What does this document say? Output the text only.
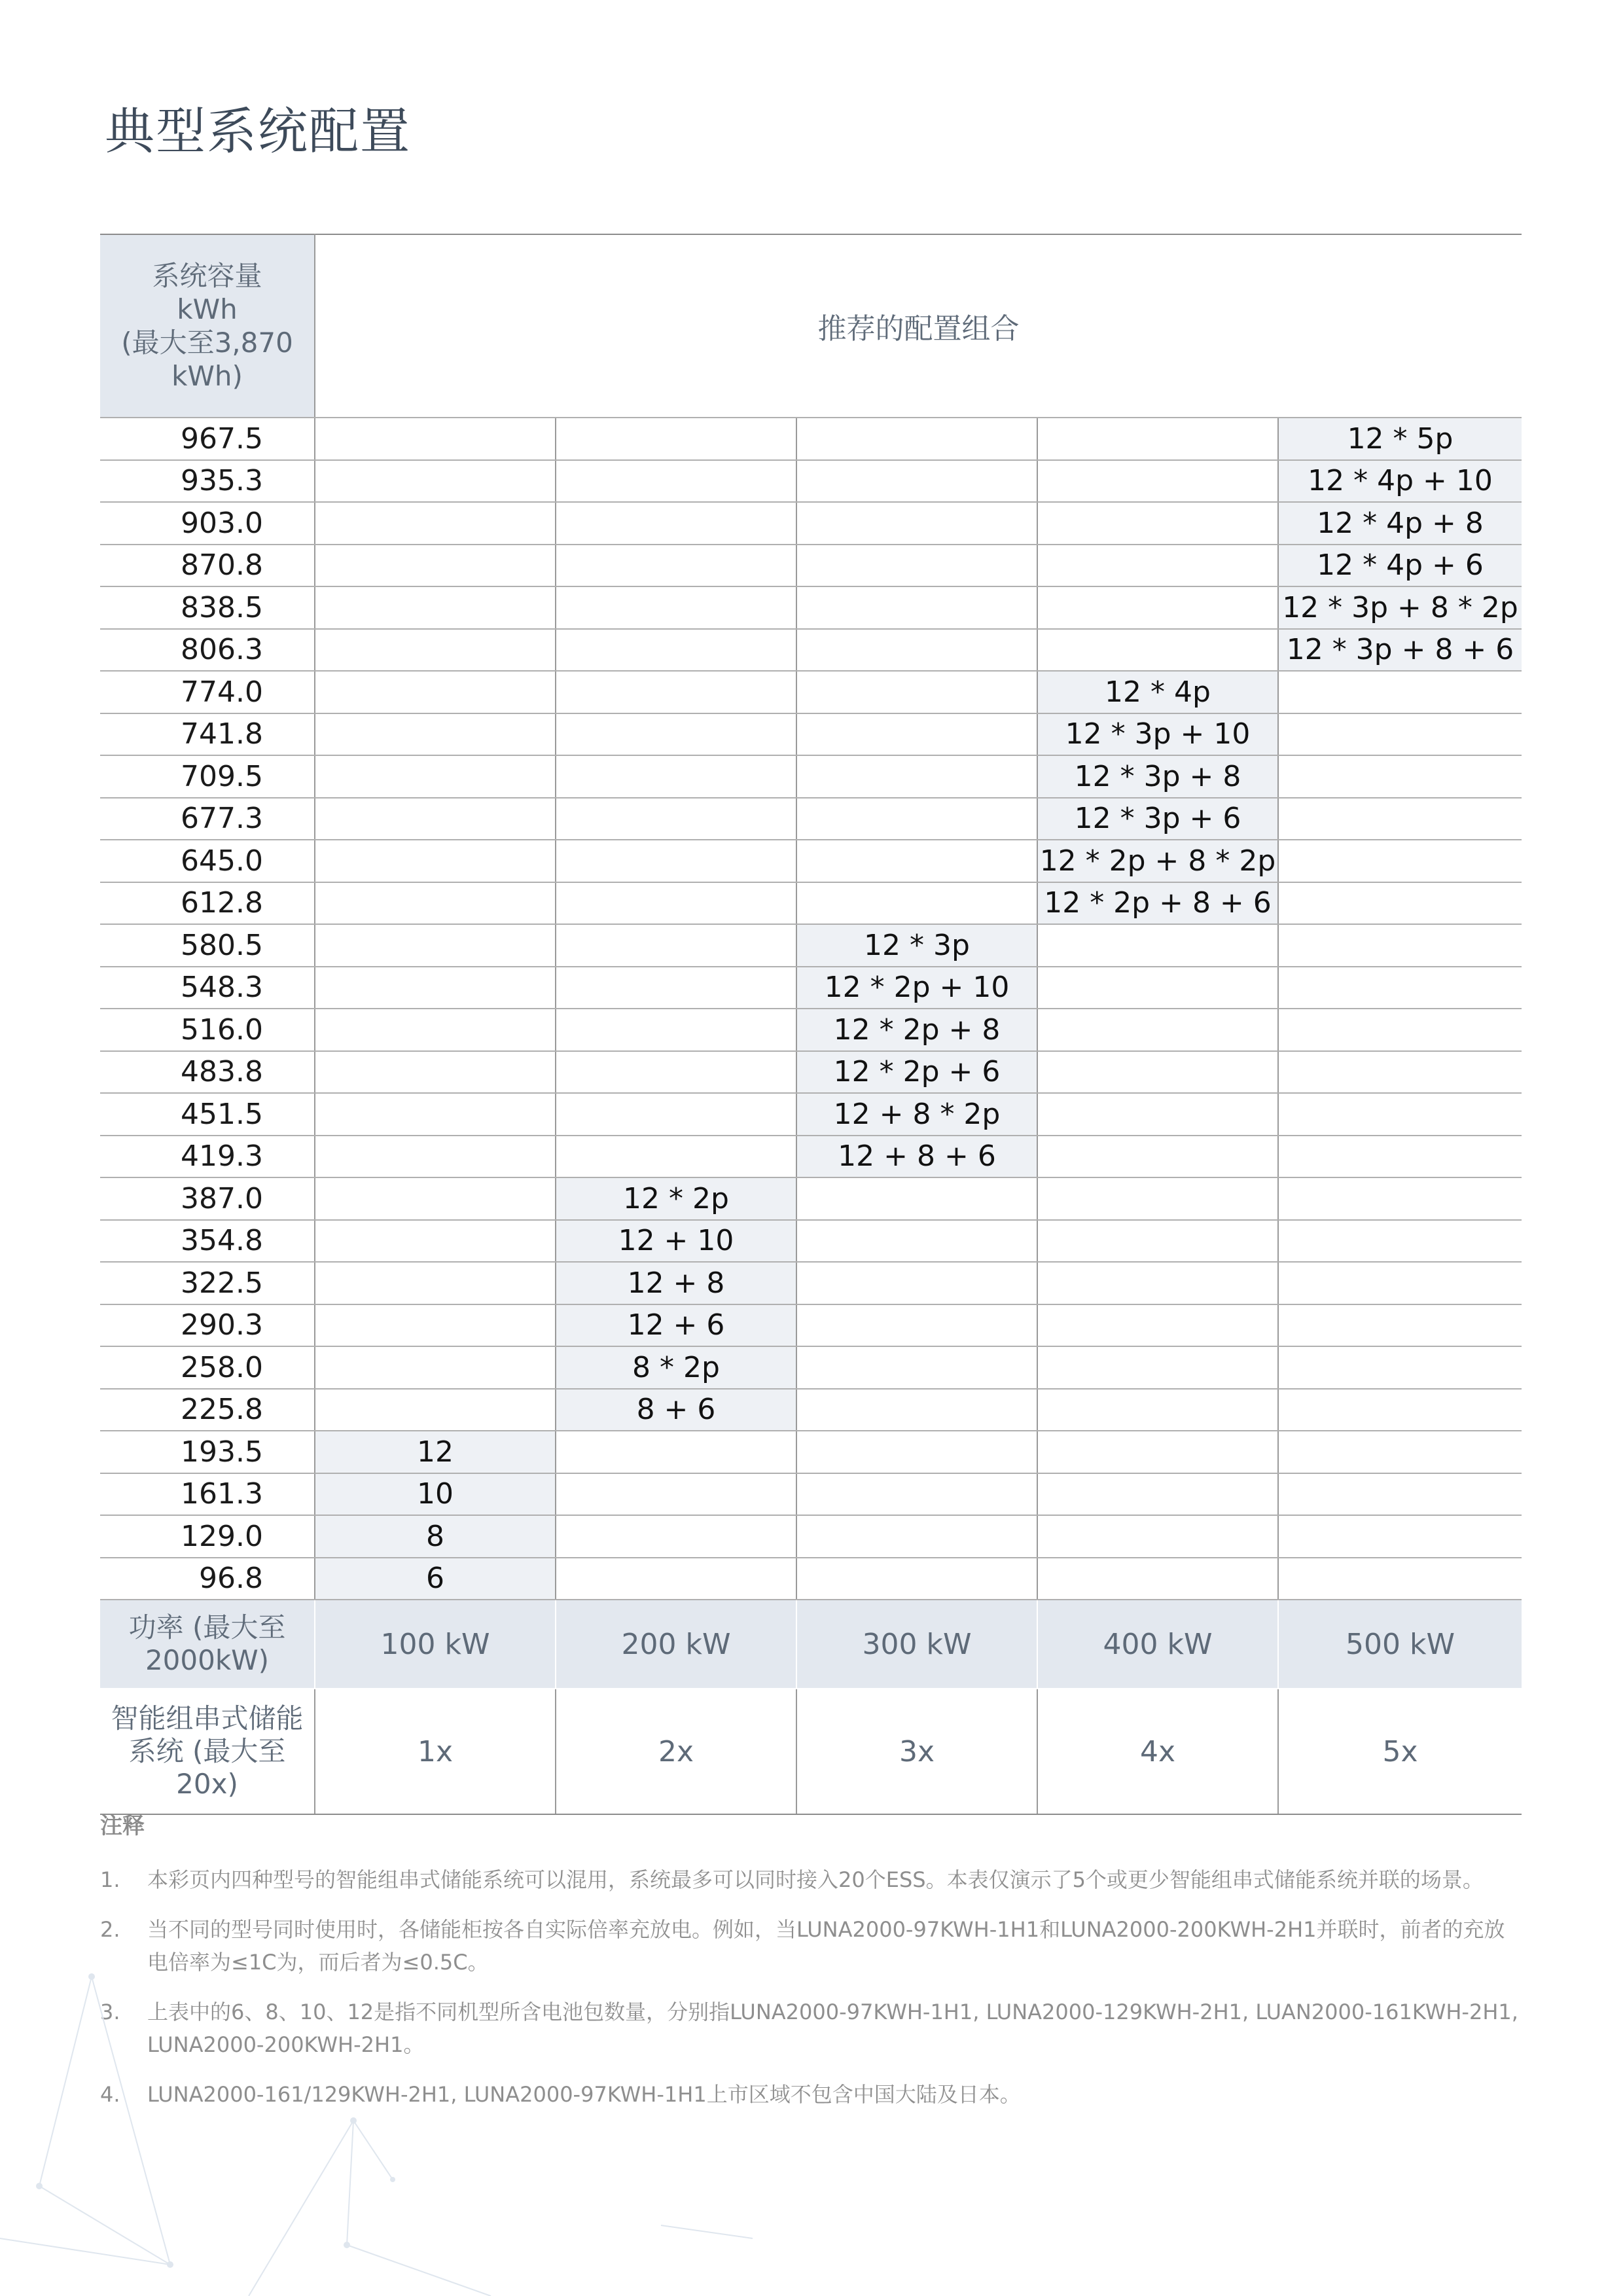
典型系统配置
系统容量
kWh
(最大至3,870
kWh)	推荐的配置组合				
967.5					12 * 5p
935.3					12 * 4p + 10
903.0					12 * 4p + 8
870.8					12 * 4p + 6
838.5					12 * 3p + 8 * 2p
806.3					12 * 3p + 8 + 6
774.0				12 * 4p	
741.8				12 * 3p + 10	
709.5				12 * 3p + 8	
677.3				12 * 3p + 6	
645.0				12 * 2p + 8 * 2p	
612.8				12 * 2p + 8 + 6	
580.5			12 * 3p		
548.3			12 * 2p + 10		
516.0			12 * 2p + 8		
483.8			12 * 2p + 6		
451.5			12 + 8 * 2p		
419.3			12 + 8 + 6		
387.0		12 * 2p			
354.8		12 + 10			
322.5		12 + 8			
290.3		12 + 6			
258.0		8 * 2p			
225.8		8 + 6			
193.5	12				
161.3	10				
129.0	8				
96.8	6				
功率 (最大至 2000kW)	100 kW	200 kW	300 kW	400 kW	500 kW
智能组串式储能系统 (最大至 20x)	1x	2x	3x	4x	5x
注释
1.	本彩页内四种型号的智能组串式储能系统可以混用，系统最多可以同时接入20个ESS。本表仅演示了5个或更少智能组串式储能系统并联的场景。
2.	当不同的型号同时使用时，各储能柜按各自实际倍率充放电。例如，当LUNA2000-97KWH-1H1和LUNA2000-200KWH-2H1并联时，前者的充放电倍率为≤1C为，而后者为≤0.5C。
3.	上表中的6、8、10、12是指不同机型所含电池包数量，分别指LUNA2000-97KWH-1H1, LUNA2000-129KWH-2H1, LUAN2000-161KWH-2H1, LUNA2000-200KWH-2H1。
4.	LUNA2000-161/129KWH-2H1, LUNA2000-97KWH-1H1上市区域不包含中国大陆及日本。
